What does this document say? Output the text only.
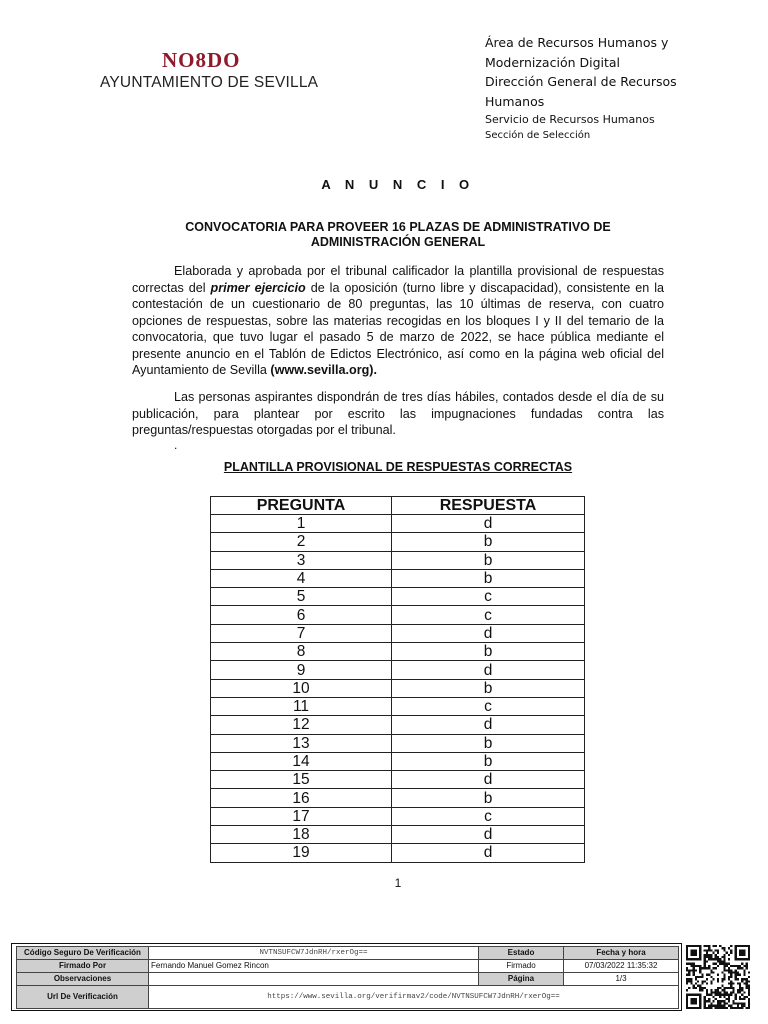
NO8DO
AYUNTAMIENTO DE SEVILLA
Área de Recursos Humanos y
Modernización Digital
Dirección General de Recursos
Humanos
Servicio de Recursos Humanos
Sección de Selección
A N U N C I O
CONVOCATORIA PARA PROVEER 16 PLAZAS DE ADMINISTRATIVO DE ADMINISTRACIÓN GENERAL

Elaborada y aprobada por el tribunal calificador la plantilla provisional de respuestas correctas del primer ejercicio de la oposición (turno libre y discapacidad), consistente en la contestación de un cuestionario de 80 preguntas, las 10 últimas de reserva, con cuatro opciones de respuestas, sobre las materias recogidas en los bloques I y II del temario de la convocatoria, que tuvo lugar el pasado 5 de marzo de 2022, se hace pública mediante el presente anuncio en el Tablón de Edictos Electrónico, así como en la página web oficial del Ayuntamiento de Sevilla (www.sevilla.org).

Las personas aspirantes dispondrán de tres días hábiles, contados desde el día de su publicación, para plantear por escrito las impugnaciones fundadas contra las preguntas/respuestas otorgadas por el tribunal.

.
PLANTILLA PROVISIONAL DE RESPUESTAS CORRECTAS
PREGUNTA	RESPUESTA
1	d
2	b
3	b
4	b
5	c
6	c
7	d
8	b
9	d
10	b
11	c
12	d
13	b
14	b
15	d
16	b
17	c
18	d
19	d
1
Código Seguro De Verificación	NVTNSUFCW7JdnRH/rxerOg==	Estado	Fecha y hora
Firmado Por	Fernando Manuel Gomez Rincon	Firmado	07/03/2022 11:35:32
Observaciones		Página	1/3
Url De Verificación	https://www.sevilla.org/verifirmav2/code/NVTNSUFCW7JdnRH/rxerOg==		
